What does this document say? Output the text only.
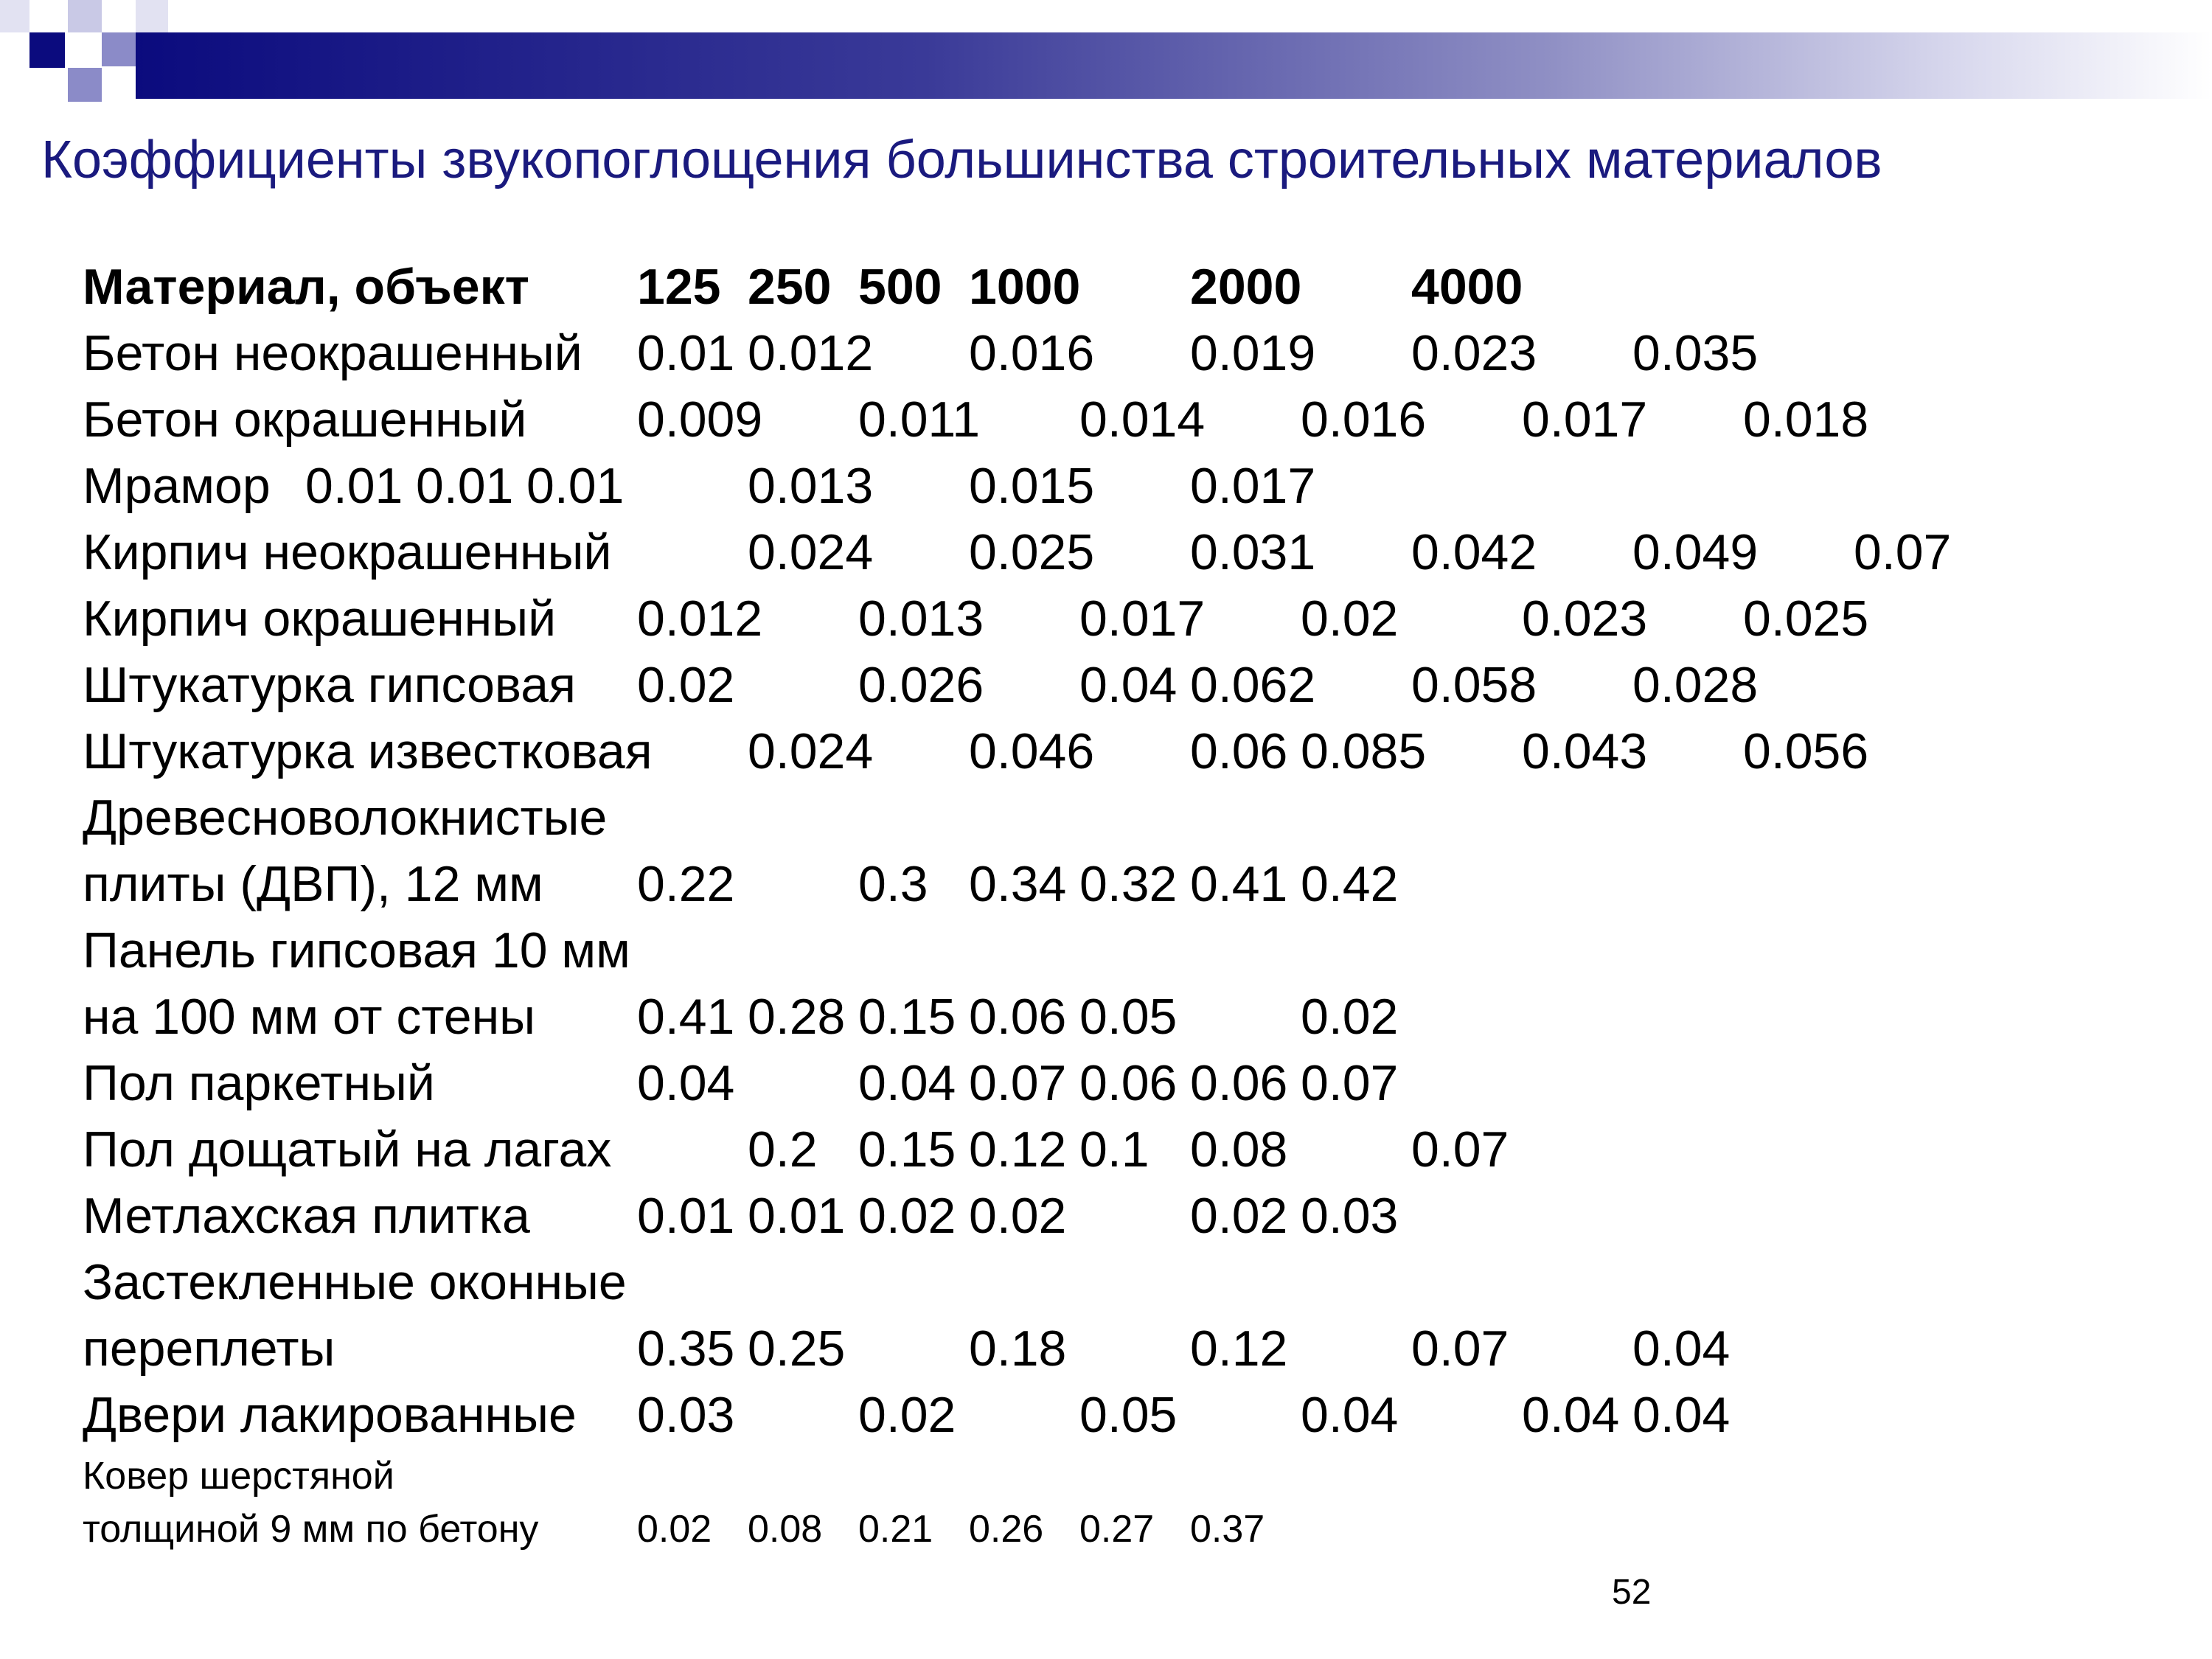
Коэффициенты звукопоглощения большинства строительных материалов
Материал, объект 125 250 500 1000 2000 4000
Бетон неокрашенный 0.01 0.012 0.016 0.019 0.023 0.035
Бетон окрашенный 0.009 0.011 0.014 0.016 0.017 0.018
Мрамор 0.01 0.01 0.01 0.013 0.015 0.017
Кирпич неокрашенный	0.024 0.025 0.031 0.042 0.049 0.07
Кирпич окрашенный 0.012 0.013 0.017 0.02 0.023 0.025
Штукатурка гипсовая 0.02 0.026 0.04 0.062 0.058 0.028
Штукатурка известковая 0.024 0.046 0.06 0.085 0.043 0.056
Древесноволокнистые
плиты (ДВП), 12 мм 0.22 0.3 0.34 0.32 0.41 0.42
Панель гипсовая 10 мм
на 100 мм от стены 0.41 0.28 0.15 0.06 0.05 0.02
Пол паркетный	0.04 0.04 0.07 0.06 0.06 0.07
Пол дощатый на лагах	0.2 0.15 0.12 0.1 0.08 0.07
Метлахская плитка 0.01 0.01 0.02 0.02 0.02 0.03
Застекленные оконные
переплеты	0.35 0.25 0.18 0.12 0.07 0.04
Двери лакированные 0.03 0.02 0.05 0.04 0.04 0.04
Ковер шерстяной
толщиной 9 мм по бетону	0.02 0.08 0.21 0.26 0.27 0.37
52
